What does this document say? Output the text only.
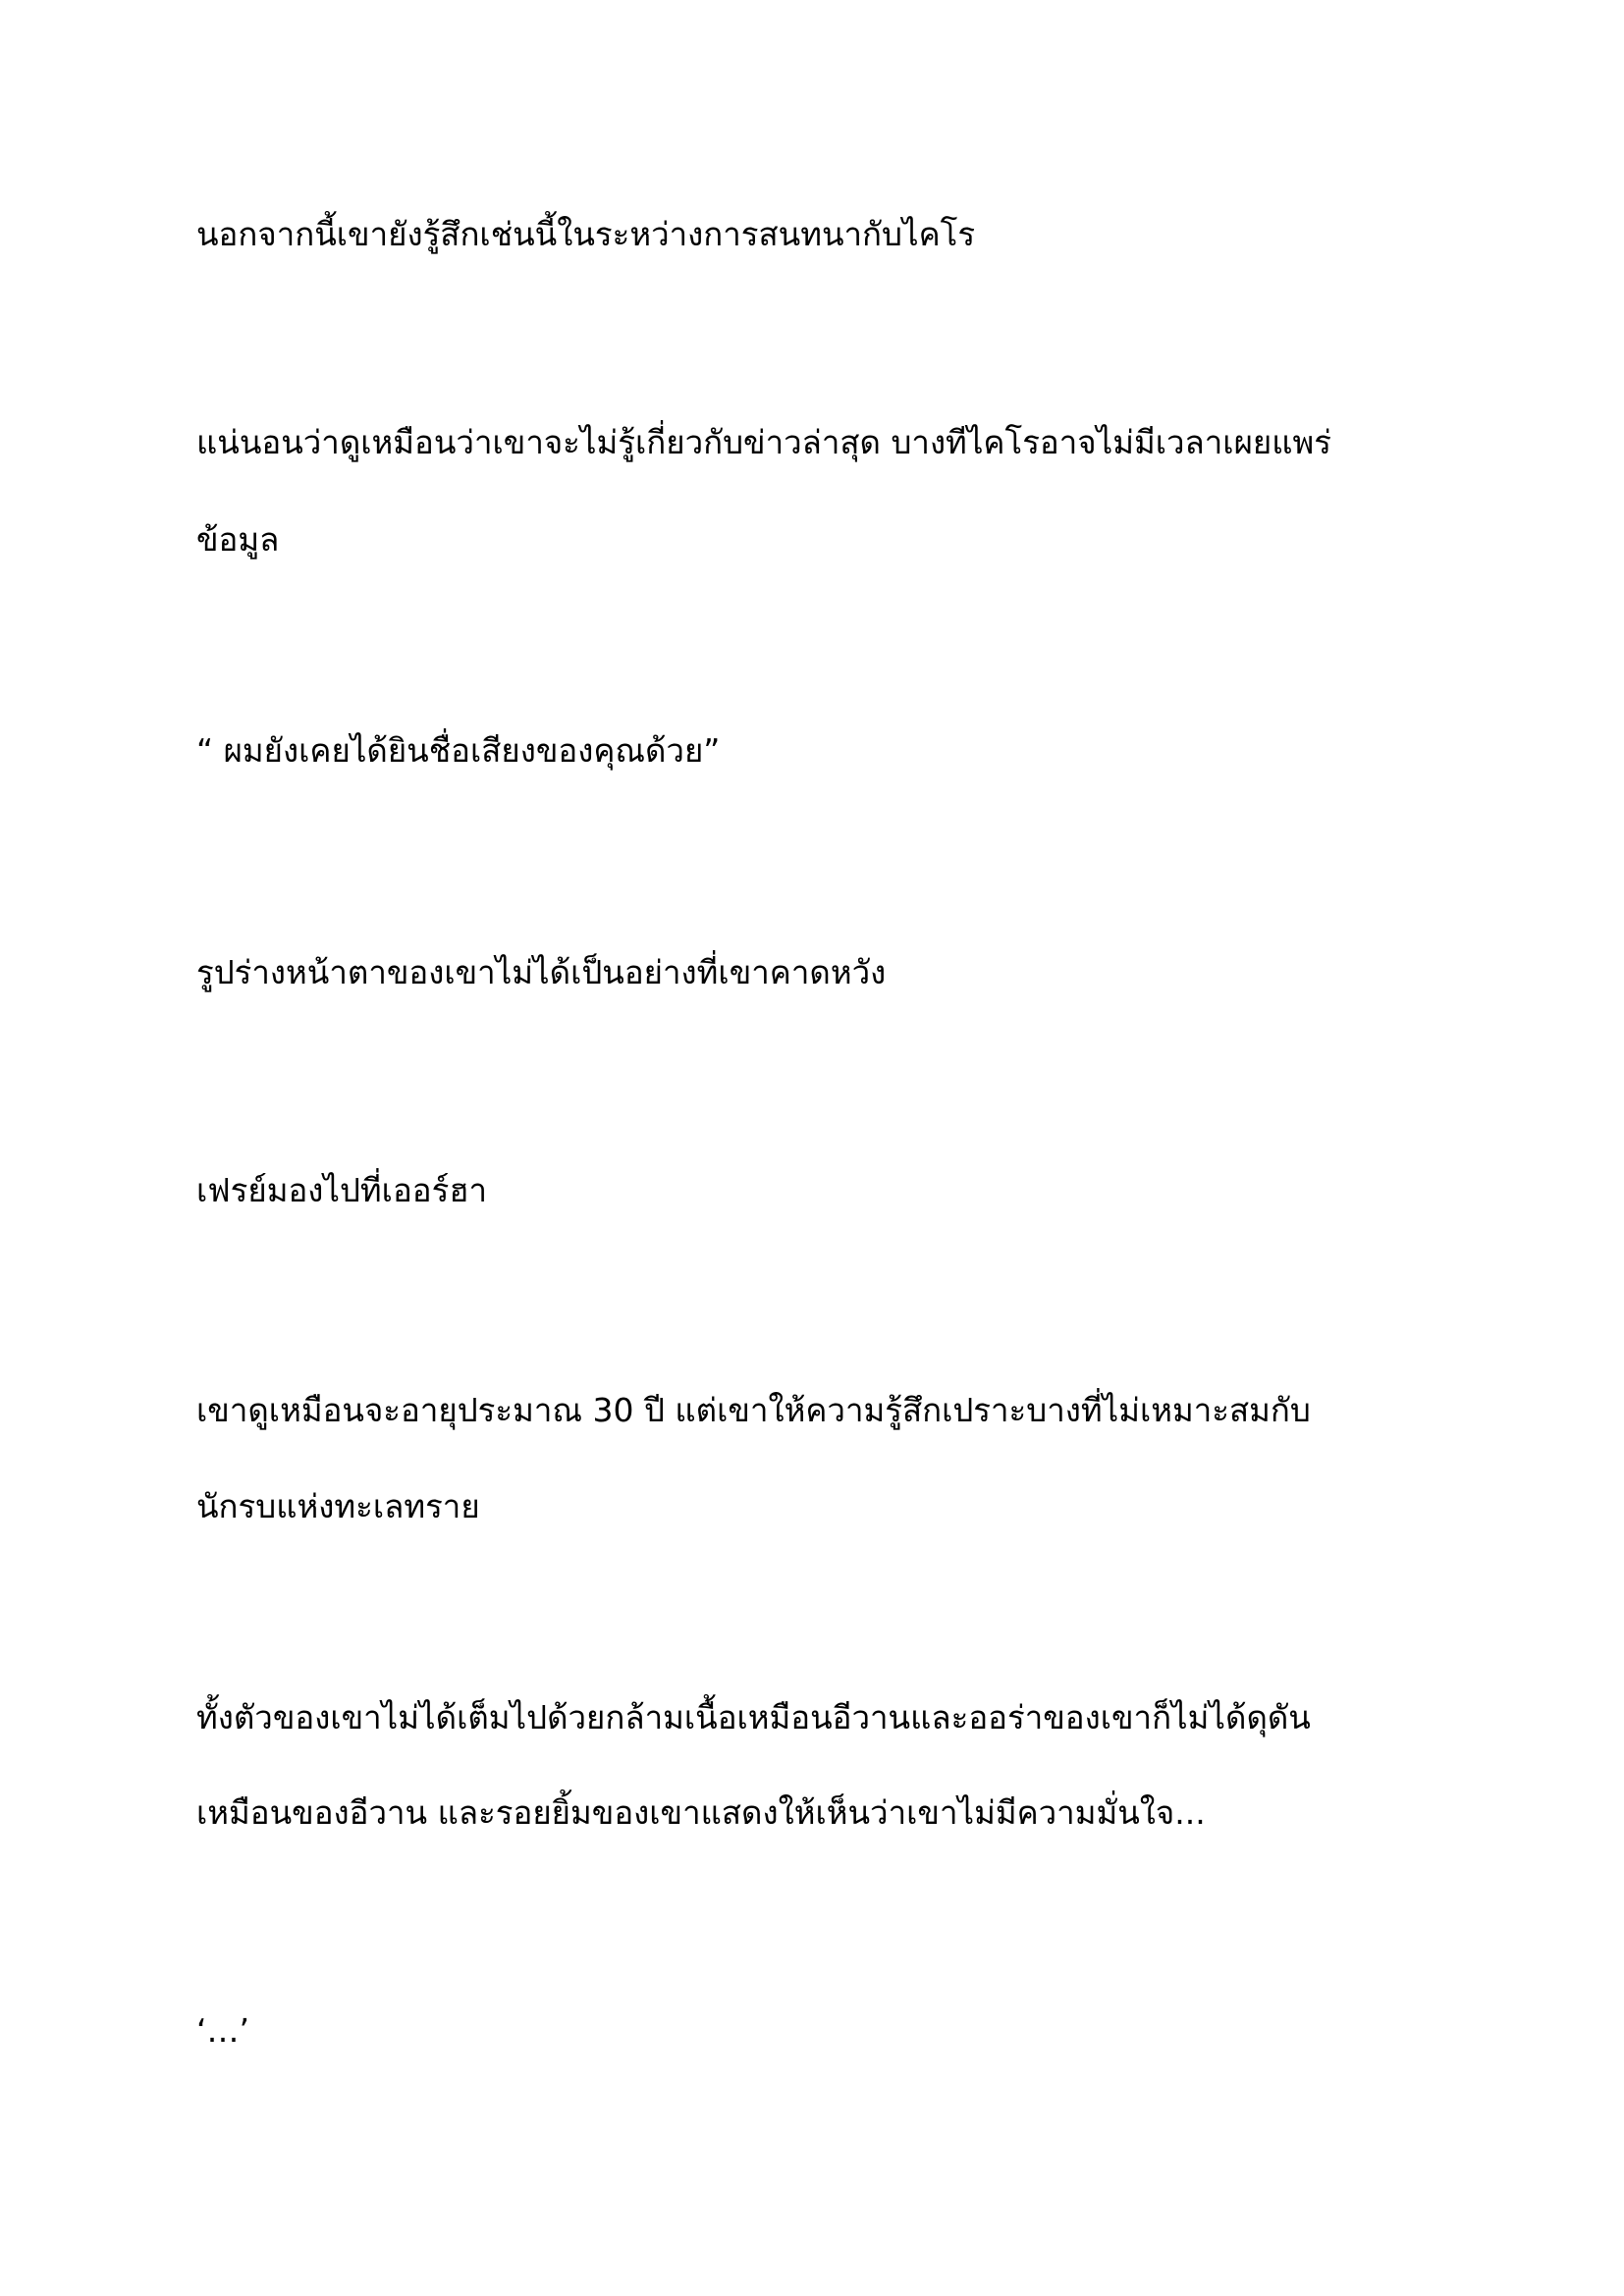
นอกจากนี้เขายังรู้สึกเช่นนี้ในระหว่างการสนทนากับไคโร
แน่นอนว่าดูเหมือนว่าเขาจะไม่รู้เกี่ยวกับข่าวล่าสุด บางทีไคโรอาจไม่มีเวลาเผยแพร่
ข้อมูล
“ ผมยังเคยได้ยินชื่อเสียงของคุณด้วย”
รูปร่างหน้าตาของเขาไม่ได้เป็นอย่างที่เขาคาดหวัง
เฟรย์มองไปที่เออร์ฮา
เขาดูเหมือนจะอายุประมาณ 30 ปี แต่เขาให้ความรู้สึกเปราะบางที่ไม่เหมาะสมกับ
นักรบแห่งทะเลทราย
ทั้งตัวของเขาไม่ได้เต็มไปด้วยกล้ามเนื้อเหมือนอีวานและออร่าของเขาก็ไม่ได้ดุดัน
เหมือนของอีวาน และรอยยิ้มของเขาแสดงให้เห็นว่าเขาไม่มีความมั่นใจ...
‘…’
